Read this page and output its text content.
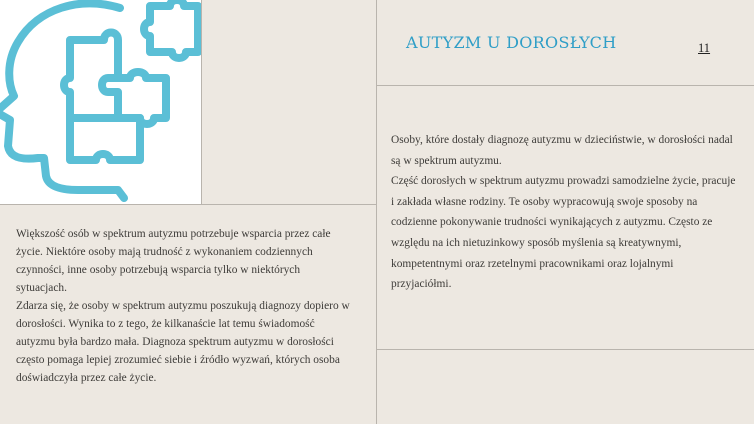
AUTYZM U DOROSŁYCH	11

Większość osób w spektrum autyzmu potrzebuje wsparcia przez całe życie. Niektóre osoby mają trudność z wykonaniem codziennych czynności, inne osoby potrzebują wsparcia tylko w niektórych sytuacjach.

Zdarza się, że osoby w spektrum autyzmu poszukują diagnozy dopiero w dorosłości. Wynika to z tego, że kilkanaście lat temu świadomość autyzmu była bardzo mała. Diagnoza spektrum autyzmu w dorosłości często pomaga lepiej zrozumieć siebie i źródło wyzwań, których osoba doświadczyła przez całe życie.

Osoby, które dostały diagnozę autyzmu w dzieciństwie, w dorosłości nadal są w spektrum autyzmu.

Część dorosłych w spektrum autyzmu prowadzi samodzielne życie, pracuje i zakłada własne rodziny. Te osoby wypracowują swoje sposoby na codzienne pokonywanie trudności wynikających z autyzmu. Często ze względu na ich nietuzinkowy sposób myślenia są kreatywnymi, kompetentnymi oraz rzetelnymi pracownikami oraz lojalnymi przyjaciółmi.
